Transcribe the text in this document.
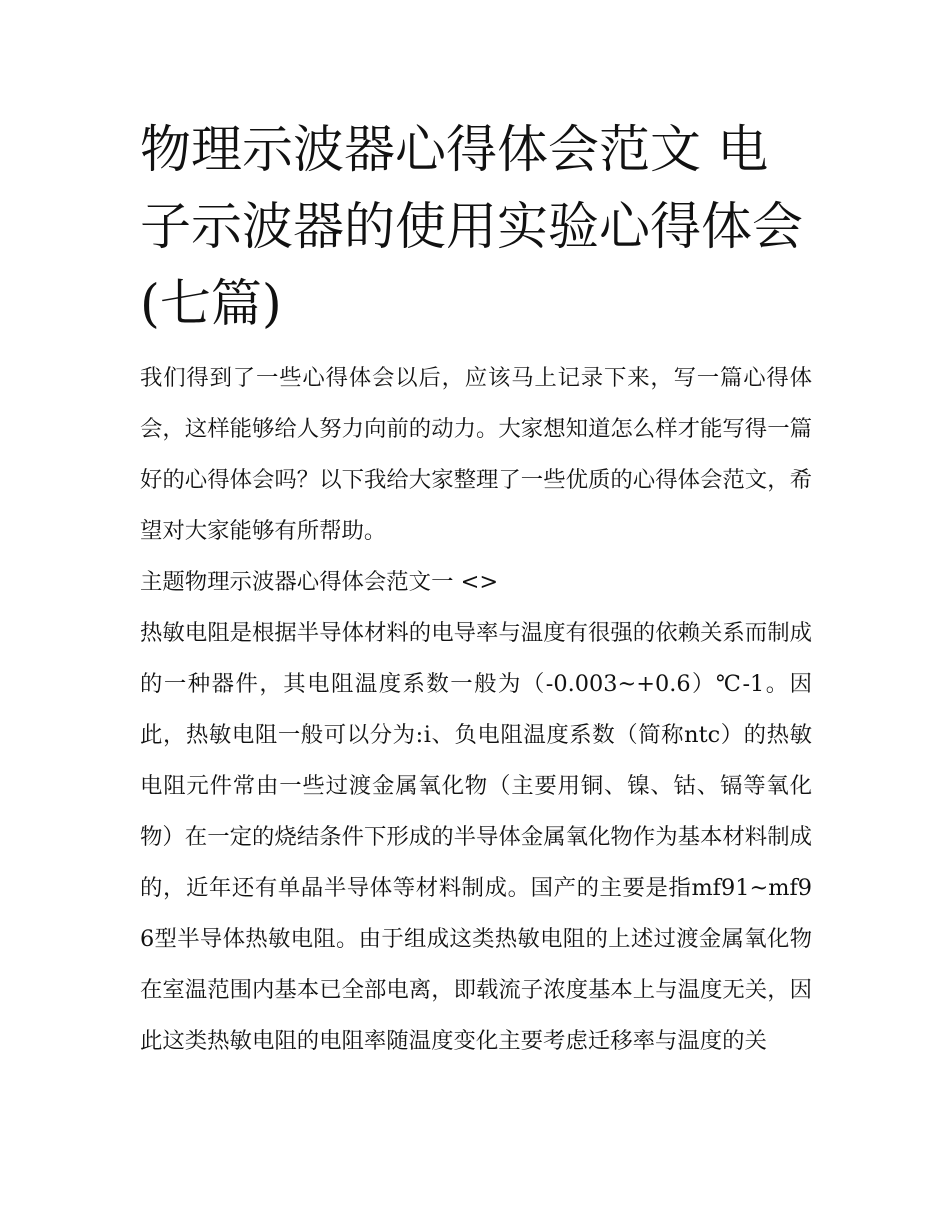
物理示波器心得体会范文 电子示波器的使用实验心得体会(七篇)

我们得到了一些心得体会以后，应该马上记录下来，写一篇心得体会，这样能够给人努力向前的动力。大家想知道怎么样才能写得一篇好的心得体会吗？以下我给大家整理了一些优质的心得体会范文，希望对大家能够有所帮助。

主题物理示波器心得体会范文一 <>

热敏电阻是根据半导体材料的电导率与温度有很强的依赖关系而制成的一种器件，其电阻温度系数一般为（-0.003~+0.6）℃-1。因此，热敏电阻一般可以分为:ⅰ、负电阻温度系数（简称ntc）的热敏电阻元件常由一些过渡金属氧化物（主要用铜、镍、钴、镉等氧化物）在一定的烧结条件下形成的半导体金属氧化物作为基本材料制成的，近年还有单晶半导体等材料制成。国产的主要是指mf91~mf96型半导体热敏电阻。由于组成这类热敏电阻的上述过渡金属氧化物在室温范围内基本已全部电离，即载流子浓度基本上与温度无关，因此这类热敏电阻的电阻率随温度变化主要考虑迁移率与温度的关
